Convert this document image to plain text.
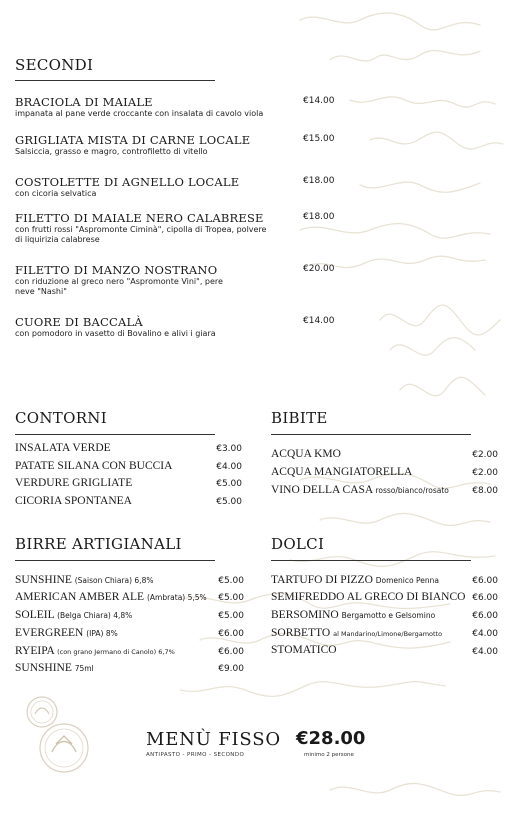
SECONDI
BRACIOLA DI MAIALE
impanata al pane verde croccante con insalata di cavolo viola
€14.00
GRIGLIATA MISTA DI CARNE LOCALE
Salsiccia, grasso e magro, controfiletto di vitello
€15.00
COSTOLETTE DI AGNELLO LOCALE
con cicoria selvatica
€18.00
FILETTO DI MAIALE NERO CALABRESE
con frutti rossi "Aspromonte Ciminà", cipolla di Tropea, polvere di liquirizia calabrese
€18.00
FILETTO DI MANZO NOSTRANO
con riduzione al greco nero "Aspromonte Vini", pere neve "Nashi"
€20.00
CUORE DI BACCALÀ
con pomodoro in vasetto di Bovalino e alivi i giara
€14.00
CONTORNI
INSALATA VERDE	€3.00
PATATE SILANA CON BUCCIA	€4.00
VERDURE GRIGLIATE	€5.00
CICORIA SPONTANEA	€5.00
BIBITE
ACQUA KMO	€2.00
ACQUA MANGIATORELLA	€2.00
VINO DELLA CASA rosso/bianco/rosato	€8.00
BIRRE ARTIGIANALI
SUNSHINE (Saison Chiara) 6,8%	€5.00
AMERICAN AMBER ALE (Ambrata) 5,5%	€5.00
SOLEIL (Belga Chiara) 4,8%	€5.00
EVERGREEN (IPA) 8%	€6.00
RYEIPA (con grano Jermano di Canolo) 6,7%	€6.00
SUNSHINE 75ml	€9.00
DOLCI
TARTUFO DI PIZZO Domenico Penna	€6.00
SEMIFREDDO AL GRECO DI BIANCO €6.00
BERSOMINO Bergamotto e Gelsomino	€6.00
SORBETTO al Mandarino/Limone/Bergamotto	€4.00
STOMATICO	€4.00
MENÙ FISSO €28.00
ANTIPASTO - PRIMO - SECONDO	minimo 2 persone
